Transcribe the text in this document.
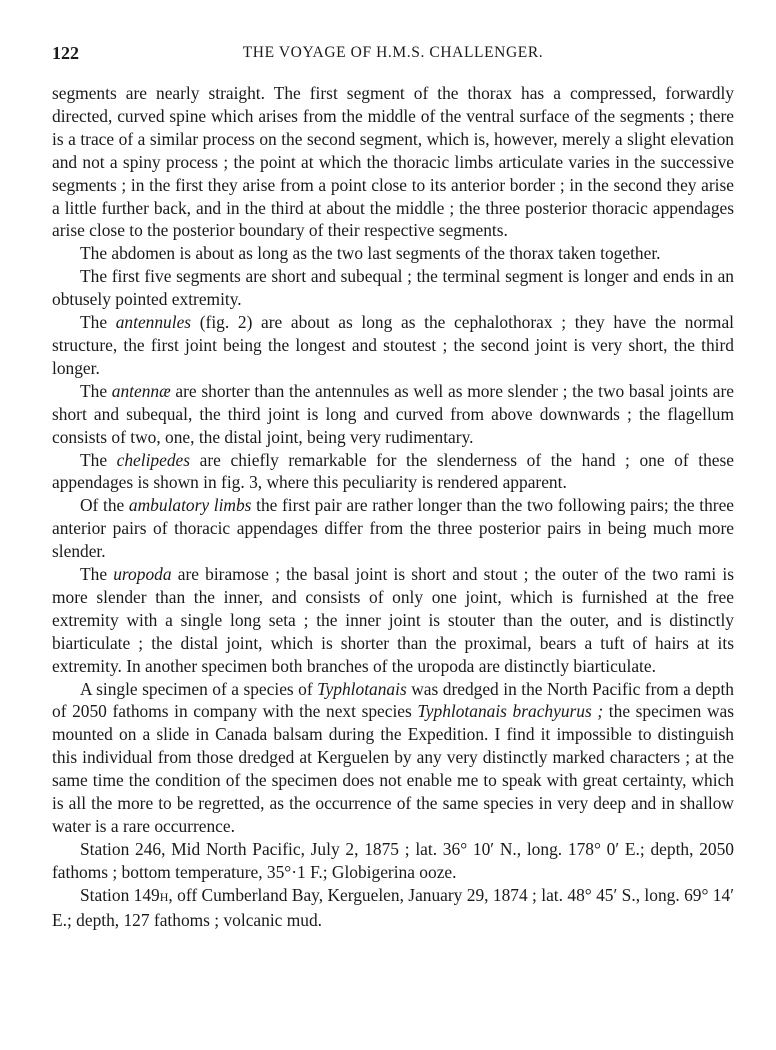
122	THE VOYAGE OF H.M.S. CHALLENGER.

segments are nearly straight. The first segment of the thorax has a compressed, forwardly directed, curved spine which arises from the middle of the ventral surface of the segments ; there is a trace of a similar process on the second segment, which is, however, merely a slight elevation and not a spiny process ; the point at which the thoracic limbs articulate varies in the successive segments ; in the first they arise from a point close to its anterior border ; in the second they arise a little further back, and in the third at about the middle ; the three posterior thoracic appendages arise close to the posterior boundary of their respective segments.

The abdomen is about as long as the two last segments of the thorax taken together.

The first five segments are short and subequal ; the terminal segment is longer and ends in an obtusely pointed extremity.

The antennules (fig. 2) are about as long as the cephalothorax ; they have the normal structure, the first joint being the longest and stoutest ; the second joint is very short, the third longer.

The antennæ are shorter than the antennules as well as more slender ; the two basal joints are short and subequal, the third joint is long and curved from above downwards ; the flagellum consists of two, one, the distal joint, being very rudimentary.

The chelipedes are chiefly remarkable for the slenderness of the hand ; one of these appendages is shown in fig. 3, where this peculiarity is rendered apparent.

Of the ambulatory limbs the first pair are rather longer than the two following pairs; the three anterior pairs of thoracic appendages differ from the three posterior pairs in being much more slender.

The uropoda are biramose ; the basal joint is short and stout ; the outer of the two rami is more slender than the inner, and consists of only one joint, which is furnished at the free extremity with a single long seta ; the inner joint is stouter than the outer, and is distinctly biarticulate ; the distal joint, which is shorter than the proximal, bears a tuft of hairs at its extremity. In another specimen both branches of the uropoda are distinctly biarticulate.

A single specimen of a species of Typhlotanais was dredged in the North Pacific from a depth of 2050 fathoms in company with the next species Typhlotanais brachyurus ; the specimen was mounted on a slide in Canada balsam during the Expedition. I find it impossible to distinguish this individual from those dredged at Kerguelen by any very distinctly marked characters ; at the same time the condition of the specimen does not enable me to speak with great certainty, which is all the more to be regretted, as the occurrence of the same species in very deep and in shallow water is a rare occurrence.

Station 246, Mid North Pacific, July 2, 1875 ; lat. 36° 10′ N., long. 178° 0′ E.; depth, 2050 fathoms ; bottom temperature, 35°·1 F.; Globigerina ooze.

Station 149H, off Cumberland Bay, Kerguelen, January 29, 1874 ; lat. 48° 45′ S., long. 69° 14′ E.; depth, 127 fathoms ; volcanic mud.
